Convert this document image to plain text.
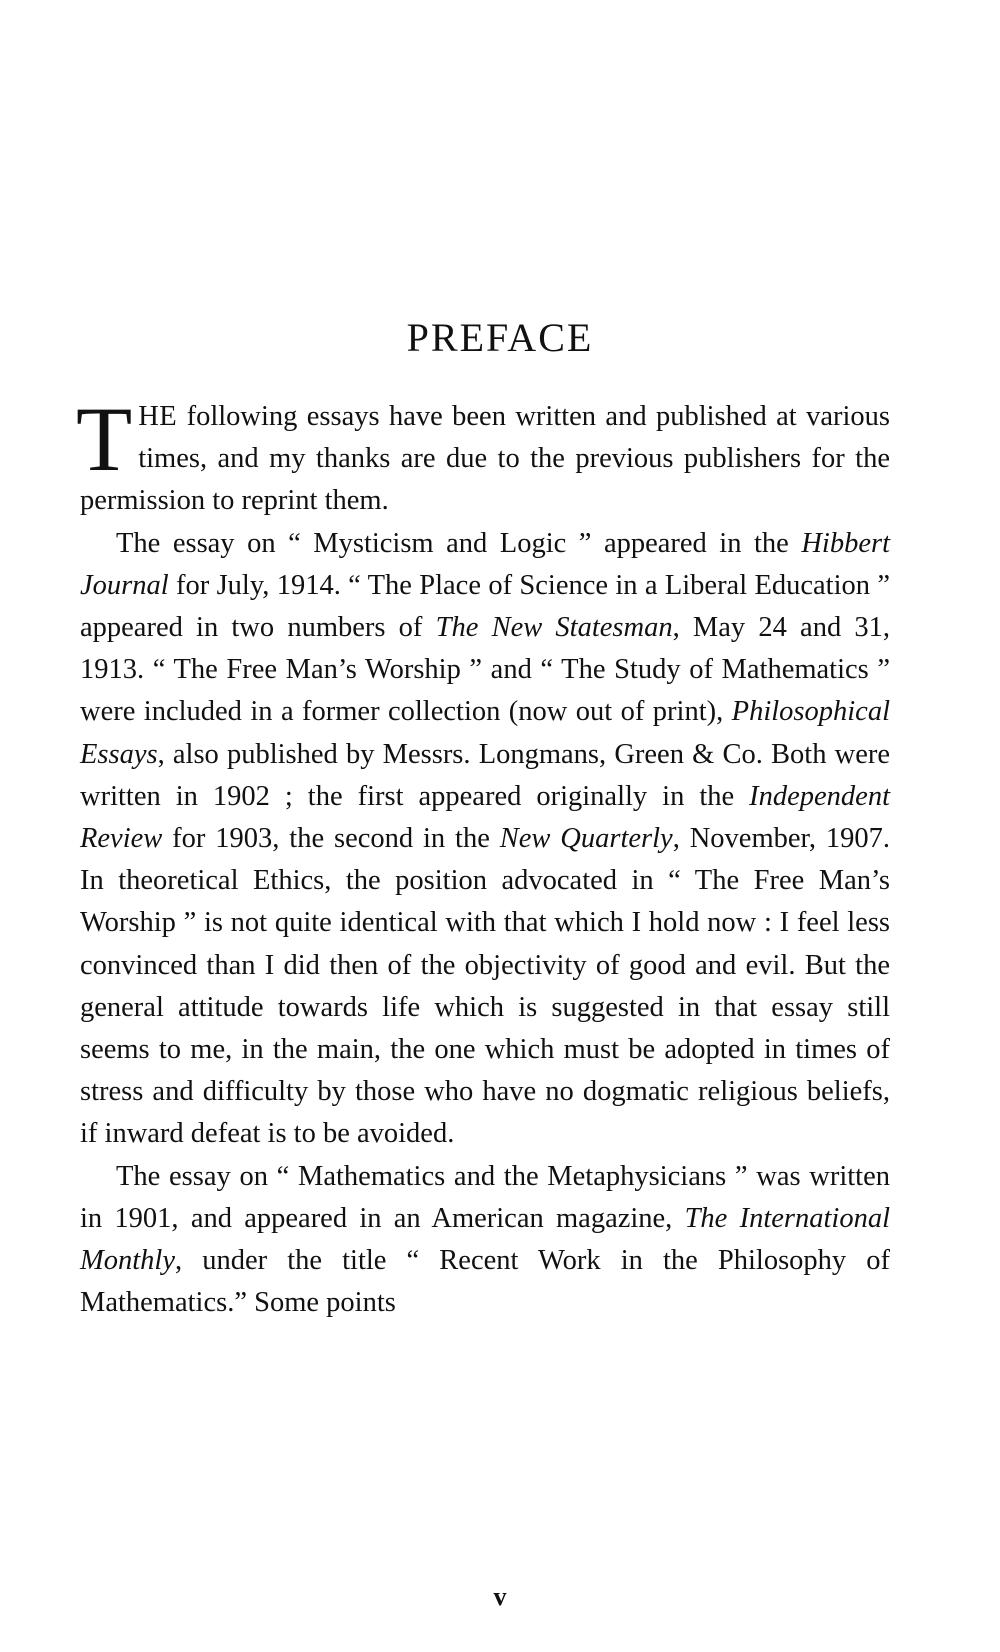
PREFACE

THE following essays have been written and published at various times, and my thanks are due to the previous publishers for the permission to reprint them.

The essay on “ Mysticism and Logic ” appeared in the Hibbert Journal for July, 1914. “ The Place of Science in a Liberal Education ” appeared in two numbers of The New Statesman, May 24 and 31, 1913. “ The Free Man’s Worship ” and “ The Study of Mathematics ” were included in a former collection (now out of print), Philosophical Essays, also published by Messrs. Longmans, Green & Co. Both were written in 1902 ; the first appeared originally in the Independent Review for 1903, the second in the New Quarterly, November, 1907. In theoretical Ethics, the position advocated in “ The Free Man’s Worship ” is not quite identical with that which I hold now : I feel less convinced than I did then of the objectivity of good and evil. But the general attitude towards life which is suggested in that essay still seems to me, in the main, the one which must be adopted in times of stress and difficulty by those who have no dogmatic religious beliefs, if inward defeat is to be avoided.

The essay on “ Mathematics and the Metaphysicians ” was written in 1901, and appeared in an American magazine, The International Monthly, under the title “ Recent Work in the Philosophy of Mathematics.” Some points

v
